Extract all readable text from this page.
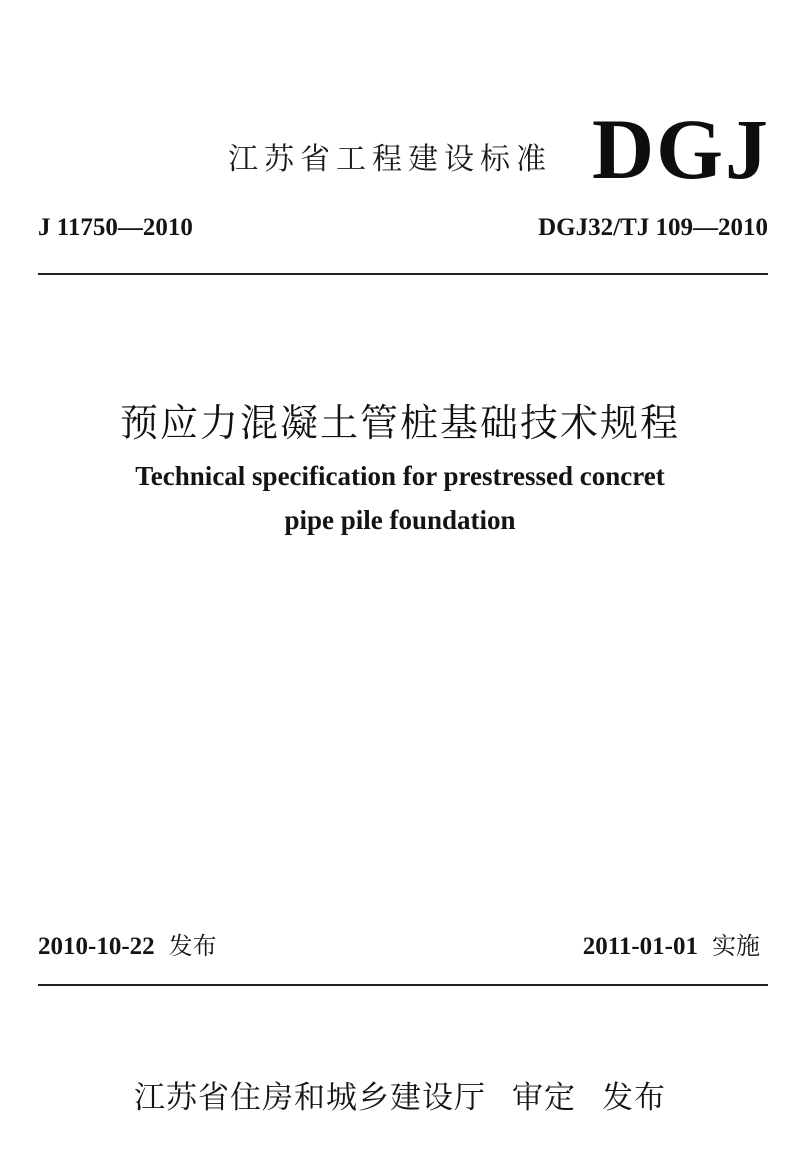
江苏省工程建设标准 DGJ
J 11750—2010	DGJ32/TJ 109—2010
预应力混凝土管桩基础技术规程
Technical specification for prestressed concret
pipe pile foundation
2010-10-22 发布	2011-01-01 实施
江苏省住房和城乡建设厅 审定 发布
